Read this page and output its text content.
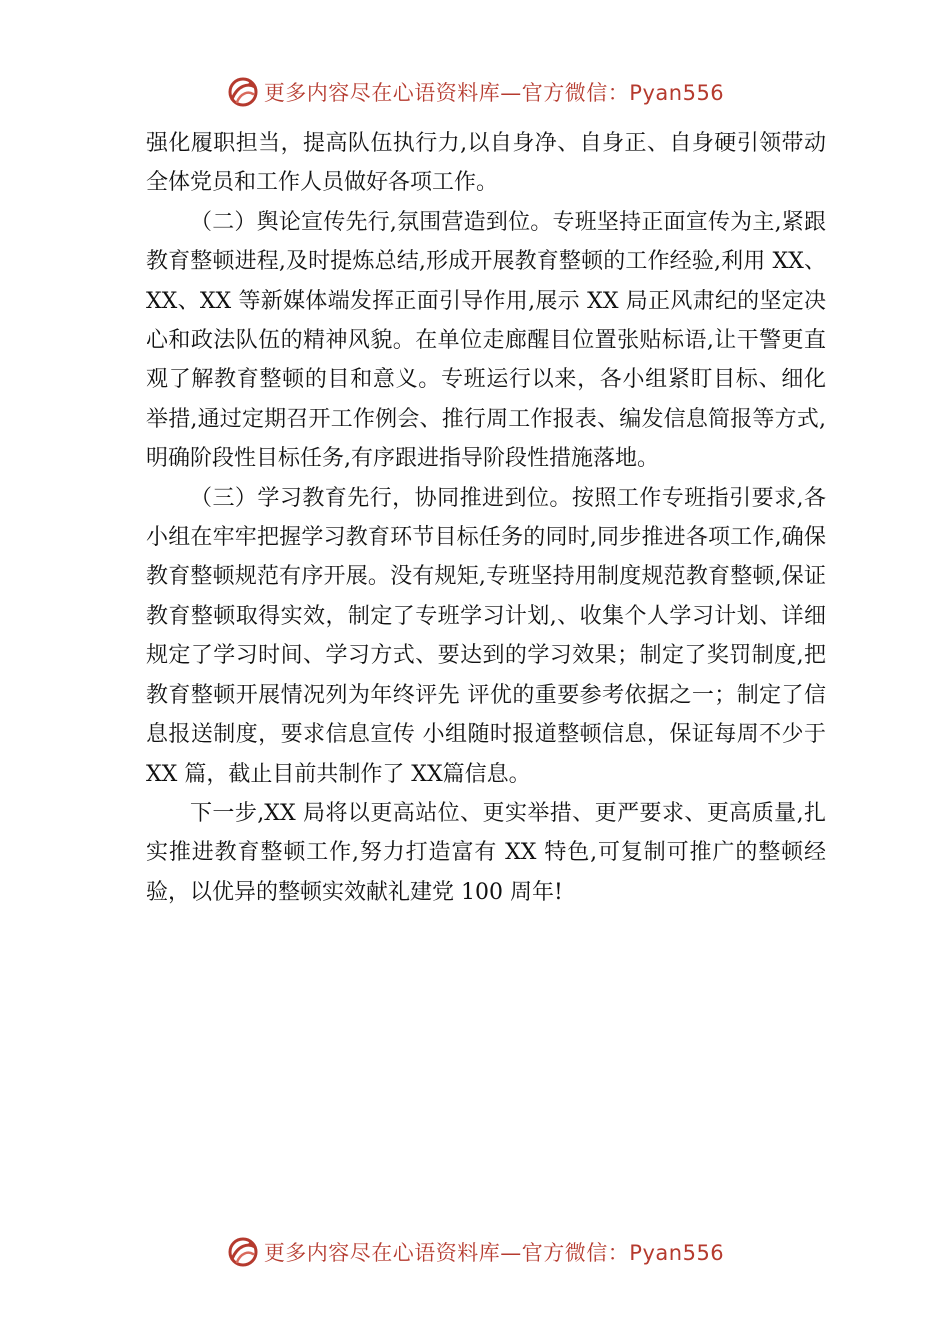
更多内容尽在心语资料库—官方微信：Pyan556

强化履职担当，提高队伍执行力,以自身净、自身正、自身硬引领带动全体党员和工作人员做好各项工作。

（二）舆论宣传先行,氛围营造到位。专班坚持正面宣传为主,紧跟教育整顿进程,及时提炼总结,形成开展教育整顿的工作经验,利用 XX、XX、XX 等新媒体端发挥正面引导作用,展示 XX 局正风肃纪的坚定决心和政法队伍的精神风貌。在单位走廊醒目位置张贴标语,让干警更直观了解教育整顿的目和意义。专班运行以来，各小组紧盯目标、细化举措,通过定期召开工作例会、推行周工作报表、编发信息简报等方式,明确阶段性目标任务,有序跟进指导阶段性措施落地。

（三）学习教育先行，协同推进到位。按照工作专班指引要求,各小组在牢牢把握学习教育环节目标任务的同时,同步推进各项工作,确保教育整顿规范有序开展。没有规矩,专班坚持用制度规范教育整顿,保证教育整顿取得实效，制定了专班学习计划,、收集个人学习计划、详细规定了学习时间、学习方式、要达到的学习效果；制定了奖罚制度,把教育整顿开展情况列为年终评先 评优的重要参考依据之一；制定了信息报送制度，要求信息宣传 小组随时报道整顿信息，保证每周不少于 XX 篇，截止目前共制作了 XX篇信息。

下一步,XX 局将以更高站位、更实举措、更严要求、更高质量,扎实推进教育整顿工作,努力打造富有 XX 特色,可复制可推广的整顿经验，以优异的整顿实效献礼建党 100 周年!

更多内容尽在心语资料库—官方微信：Pyan556
